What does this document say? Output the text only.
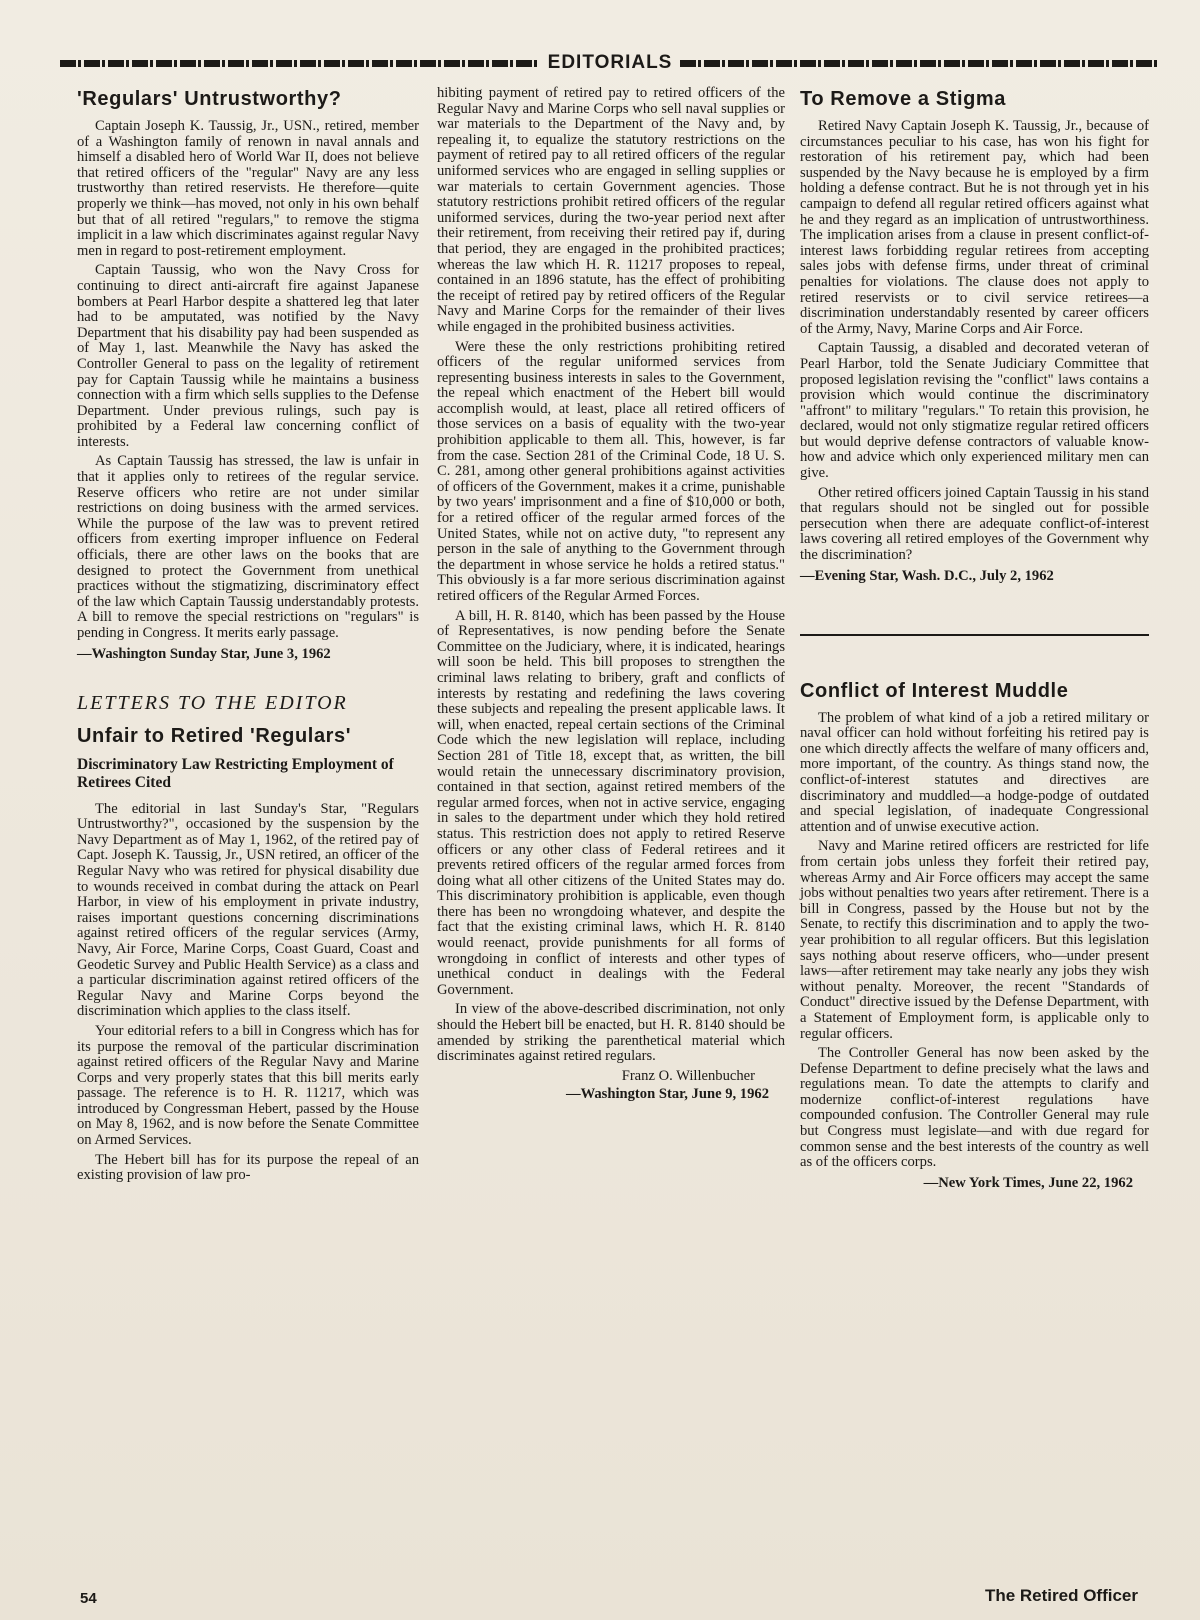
EDITORIALS
'Regulars' Untrustworthy?

Captain Joseph K. Taussig, Jr., USN., retired, member of a Washington family of renown in naval annals and himself a disabled hero of World War II, does not believe that retired officers of the "regular" Navy are any less trustworthy than retired reservists. He therefore—quite properly we think—has moved, not only in his own behalf but that of all retired "regulars," to remove the stigma implicit in a law which discriminates against regular Navy men in regard to post-retirement employment.

Captain Taussig, who won the Navy Cross for continuing to direct anti-aircraft fire against Japanese bombers at Pearl Harbor despite a shattered leg that later had to be amputated, was notified by the Navy Department that his disability pay had been suspended as of May 1, last. Meanwhile the Navy has asked the Controller General to pass on the legality of retirement pay for Captain Taussig while he maintains a business connection with a firm which sells supplies to the Defense Department. Under previous rulings, such pay is prohibited by a Federal law concerning conflict of interests.

As Captain Taussig has stressed, the law is unfair in that it applies only to retirees of the regular service. Reserve officers who retire are not under similar restrictions on doing business with the armed services. While the purpose of the law was to prevent retired officers from exerting improper influence on Federal officials, there are other laws on the books that are designed to protect the Government from unethical practices without the stigmatizing, discriminatory effect of the law which Captain Taussig understandably protests. A bill to remove the special restrictions on "regulars" is pending in Congress. It merits early passage.

—Washington Sunday Star, June 3, 1962
LETTERS TO THE EDITOR
Unfair to Retired 'Regulars'
Discriminatory Law Restricting Employment of Retirees Cited

The editorial in last Sunday's Star, "Regulars Untrustworthy?", occasioned by the suspension by the Navy Department as of May 1, 1962, of the retired pay of Capt. Joseph K. Taussig, Jr., USN retired, an officer of the Regular Navy who was retired for physical disability due to wounds received in combat during the attack on Pearl Harbor, in view of his employment in private industry, raises important questions concerning discriminations against retired officers of the regular services (Army, Navy, Air Force, Marine Corps, Coast Guard, Coast and Geodetic Survey and Public Health Service) as a class and a particular discrimination against retired officers of the Regular Navy and Marine Corps beyond the discrimination which applies to the class itself.

Your editorial refers to a bill in Congress which has for its purpose the removal of the particular discrimination against retired officers of the Regular Navy and Marine Corps and very properly states that this bill merits early passage. The reference is to H. R. 11217, which was introduced by Congressman Hebert, passed by the House on May 8, 1962, and is now before the Senate Committee on Armed Services.

The Hebert bill has for its purpose the repeal of an existing provision of law pro-

hibiting payment of retired pay to retired officers of the Regular Navy and Marine Corps who sell naval supplies or war materials to the Department of the Navy and, by repealing it, to equalize the statutory restrictions on the payment of retired pay to all retired officers of the regular uniformed services who are engaged in selling supplies or war materials to certain Government agencies. Those statutory restrictions prohibit retired officers of the regular uniformed services, during the two-year period next after their retirement, from receiving their retired pay if, during that period, they are engaged in the prohibited practices; whereas the law which H. R. 11217 proposes to repeal, contained in an 1896 statute, has the effect of prohibiting the receipt of retired pay by retired officers of the Regular Navy and Marine Corps for the remainder of their lives while engaged in the prohibited business activities.

Were these the only restrictions prohibiting retired officers of the regular uniformed services from representing business interests in sales to the Government, the repeal which enactment of the Hebert bill would accomplish would, at least, place all retired officers of those services on a basis of equality with the two-year prohibition applicable to them all. This, however, is far from the case. Section 281 of the Criminal Code, 18 U. S. C. 281, among other general prohibitions against activities of officers of the Government, makes it a crime, punishable by two years' imprisonment and a fine of $10,000 or both, for a retired officer of the regular armed forces of the United States, while not on active duty, "to represent any person in the sale of anything to the Government through the department in whose service he holds a retired status." This obviously is a far more serious discrimination against retired officers of the Regular Armed Forces.

A bill, H. R. 8140, which has been passed by the House of Representatives, is now pending before the Senate Committee on the Judiciary, where, it is indicated, hearings will soon be held. This bill proposes to strengthen the criminal laws relating to bribery, graft and conflicts of interests by restating and redefining the laws covering these subjects and repealing the present applicable laws. It will, when enacted, repeal certain sections of the Criminal Code which the new legislation will replace, including Section 281 of Title 18, except that, as written, the bill would retain the unnecessary discriminatory provision, contained in that section, against retired members of the regular armed forces, when not in active service, engaging in sales to the department under which they hold retired status. This restriction does not apply to retired Reserve officers or any other class of Federal retirees and it prevents retired officers of the regular armed forces from doing what all other citizens of the United States may do. This discriminatory prohibition is applicable, even though there has been no wrongdoing whatever, and despite the fact that the existing criminal laws, which H. R. 8140 would reenact, provide punishments for all forms of wrongdoing in conflict of interests and other types of unethical conduct in dealings with the Federal Government.

In view of the above-described discrimination, not only should the Hebert bill be enacted, but H. R. 8140 should be amended by striking the parenthetical material which discriminates against retired regulars.

Franz O. Willenbucher
—Washington Star, June 9, 1962
To Remove a Stigma

Retired Navy Captain Joseph K. Taussig, Jr., because of circumstances peculiar to his case, has won his fight for restoration of his retirement pay, which had been suspended by the Navy because he is employed by a firm holding a defense contract. But he is not through yet in his campaign to defend all regular retired officers against what he and they regard as an implication of untrustworthiness. The implication arises from a clause in present conflict-of-interest laws forbidding regular retirees from accepting sales jobs with defense firms, under threat of criminal penalties for violations. The clause does not apply to retired reservists or to civil service retirees—a discrimination understandably resented by career officers of the Army, Navy, Marine Corps and Air Force.

Captain Taussig, a disabled and decorated veteran of Pearl Harbor, told the Senate Judiciary Committee that proposed legislation revising the "conflict" laws contains a provision which would continue the discriminatory "affront" to military "regulars." To retain this provision, he declared, would not only stigmatize regular retired officers but would deprive defense contractors of valuable know-how and advice which only experienced military men can give.

Other retired officers joined Captain Taussig in his stand that regulars should not be singled out for possible persecution when there are adequate conflict-of-interest laws covering all retired employes of the Government why the discrimination?

—Evening Star, Wash. D.C., July 2, 1962
Conflict of Interest Muddle

The problem of what kind of a job a retired military or naval officer can hold without forfeiting his retired pay is one which directly affects the welfare of many officers and, more important, of the country. As things stand now, the conflict-of-interest statutes and directives are discriminatory and muddled—a hodge-podge of outdated and special legislation, of inadequate Congressional attention and of unwise executive action.

Navy and Marine retired officers are restricted for life from certain jobs unless they forfeit their retired pay, whereas Army and Air Force officers may accept the same jobs without penalties two years after retirement. There is a bill in Congress, passed by the House but not by the Senate, to rectify this discrimination and to apply the two-year prohibition to all regular officers. But this legislation says nothing about reserve officers, who—under present laws—after retirement may take nearly any jobs they wish without penalty. Moreover, the recent "Standards of Conduct" directive issued by the Defense Department, with a Statement of Employment form, is applicable only to regular officers.

The Controller General has now been asked by the Defense Department to define precisely what the laws and regulations mean. To date the attempts to clarify and modernize conflict-of-interest regulations have compounded confusion. The Controller General may rule but Congress must legislate—and with due regard for common sense and the best interests of the country as well as of the officers corps.

—New York Times, June 22, 1962
54	The Retired Officer
